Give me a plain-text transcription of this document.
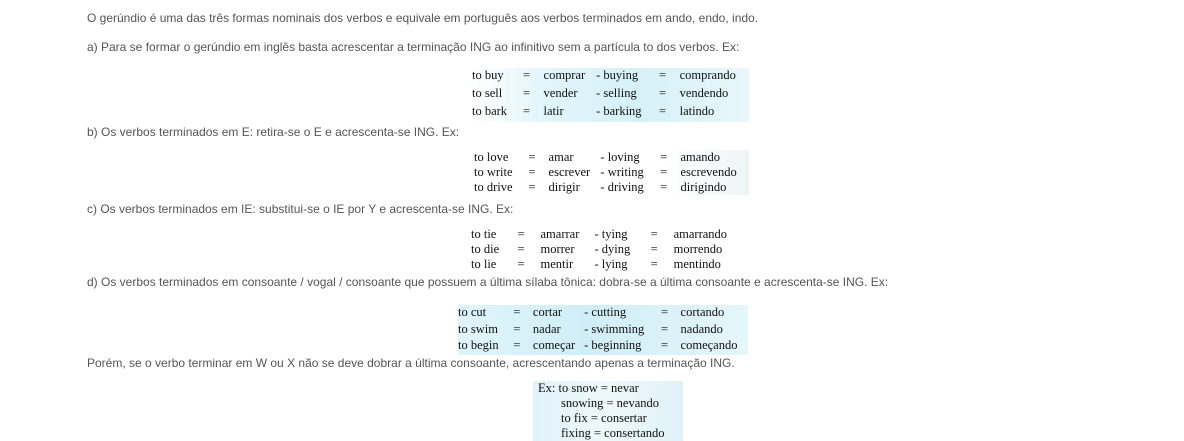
O gerúndio é uma das três formas nominais dos verbos e equivale em português aos verbos terminados em ando, endo, indo.

a) Para se formar o gerúndio em inglês basta acrescentar a terminação ING ao infinitivo sem a partícula to dos verbos. Ex:

to buy	=	comprar	- buying	=	comprando
to sell	=	vender	- selling	=	vendendo
to bark	=	latir	- barking	=	latindo

b) Os verbos terminados em E: retira-se o E e acrescenta-se ING. Ex:

to love	=	amar	- loving	=	amando
to write	=	escrever	- writing	=	escrevendo
to drive	=	dirigir	- driving	=	dirigindo

c) Os verbos terminados em IE: substitui-se o IE por Y e acrescenta-se ING. Ex:

to tie	=	amarrar	- tying	=	amarrando
to die	=	morrer	- dying	=	morrendo
to lie	=	mentir	- lying	=	mentindo

d) Os verbos terminados em consoante / vogal / consoante que possuem a última sílaba tônica: dobra-se a última consoante e acrescenta-se ING. Ex:

to cut	=	cortar	- cutting	=	cortando
to swim	=	nadar	- swimming	=	nadando
to begin	=	começar	- beginning	=	começando

Porém, se o verbo terminar em W ou X não se deve dobrar a última consoante, acrescentando apenas a terminação ING.

Ex: to snow = nevar
snowing = nevando
to fix = consertar
fixing = consertando
